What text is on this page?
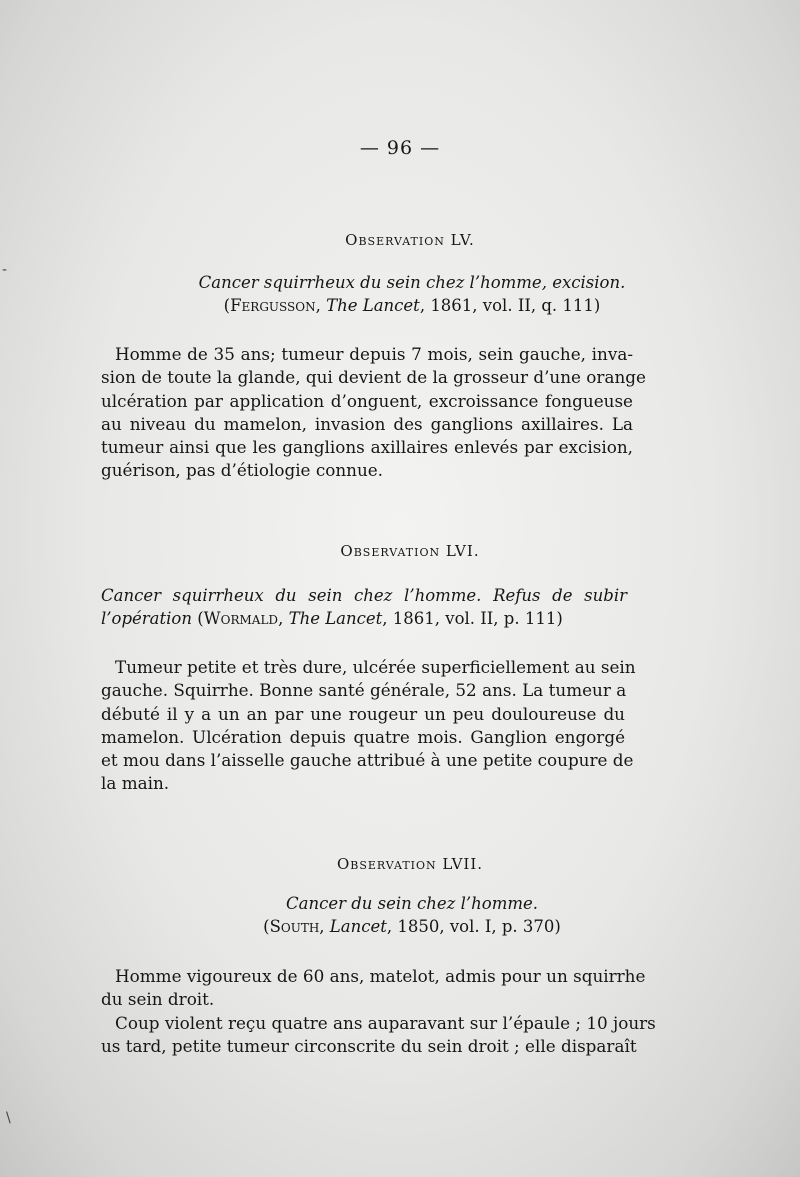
— 96 —
Observation LV.
Cancer squirrheux du sein chez l’homme, excision.
(Fergusson, The Lancet, 1861, vol. II, q. 111)
Homme de 35 ans; tumeur depuis 7 mois, sein gauche, inva-
sion de toute la glande, qui devient de la grosseur d’une orange
ulcération par application d’onguent, excroissance fongueuse
au niveau du mamelon, invasion des ganglions axillaires. La
tumeur ainsi que les ganglions axillaires enlevés par excision,
guérison, pas d’étiologie connue.
Observation LVI.
Cancer squirrheux du sein chez l’homme. Refus de subir
l’opération (Wormald, The Lancet, 1861, vol. II, p. 111)
Tumeur petite et très dure, ulcérée superficiellement au sein
gauche. Squirrhe. Bonne santé générale, 52 ans. La tumeur a
débuté il y a un an par une rougeur un peu douloureuse du
mamelon. Ulcération depuis quatre mois. Ganglion engorgé
et mou dans l’aisselle gauche attribué à une petite coupure de
la main.
Observation LVII.
Cancer du sein chez l’homme.
(South, Lancet, 1850, vol. I, p. 370)
Homme vigoureux de 60 ans, matelot, admis pour un squirrhe
du sein droit.
Coup violent reçu quatre ans auparavant sur l’épaule ; 10 jours
us tard, petite tumeur circonscrite du sein droit ; elle disparaît
-
\
